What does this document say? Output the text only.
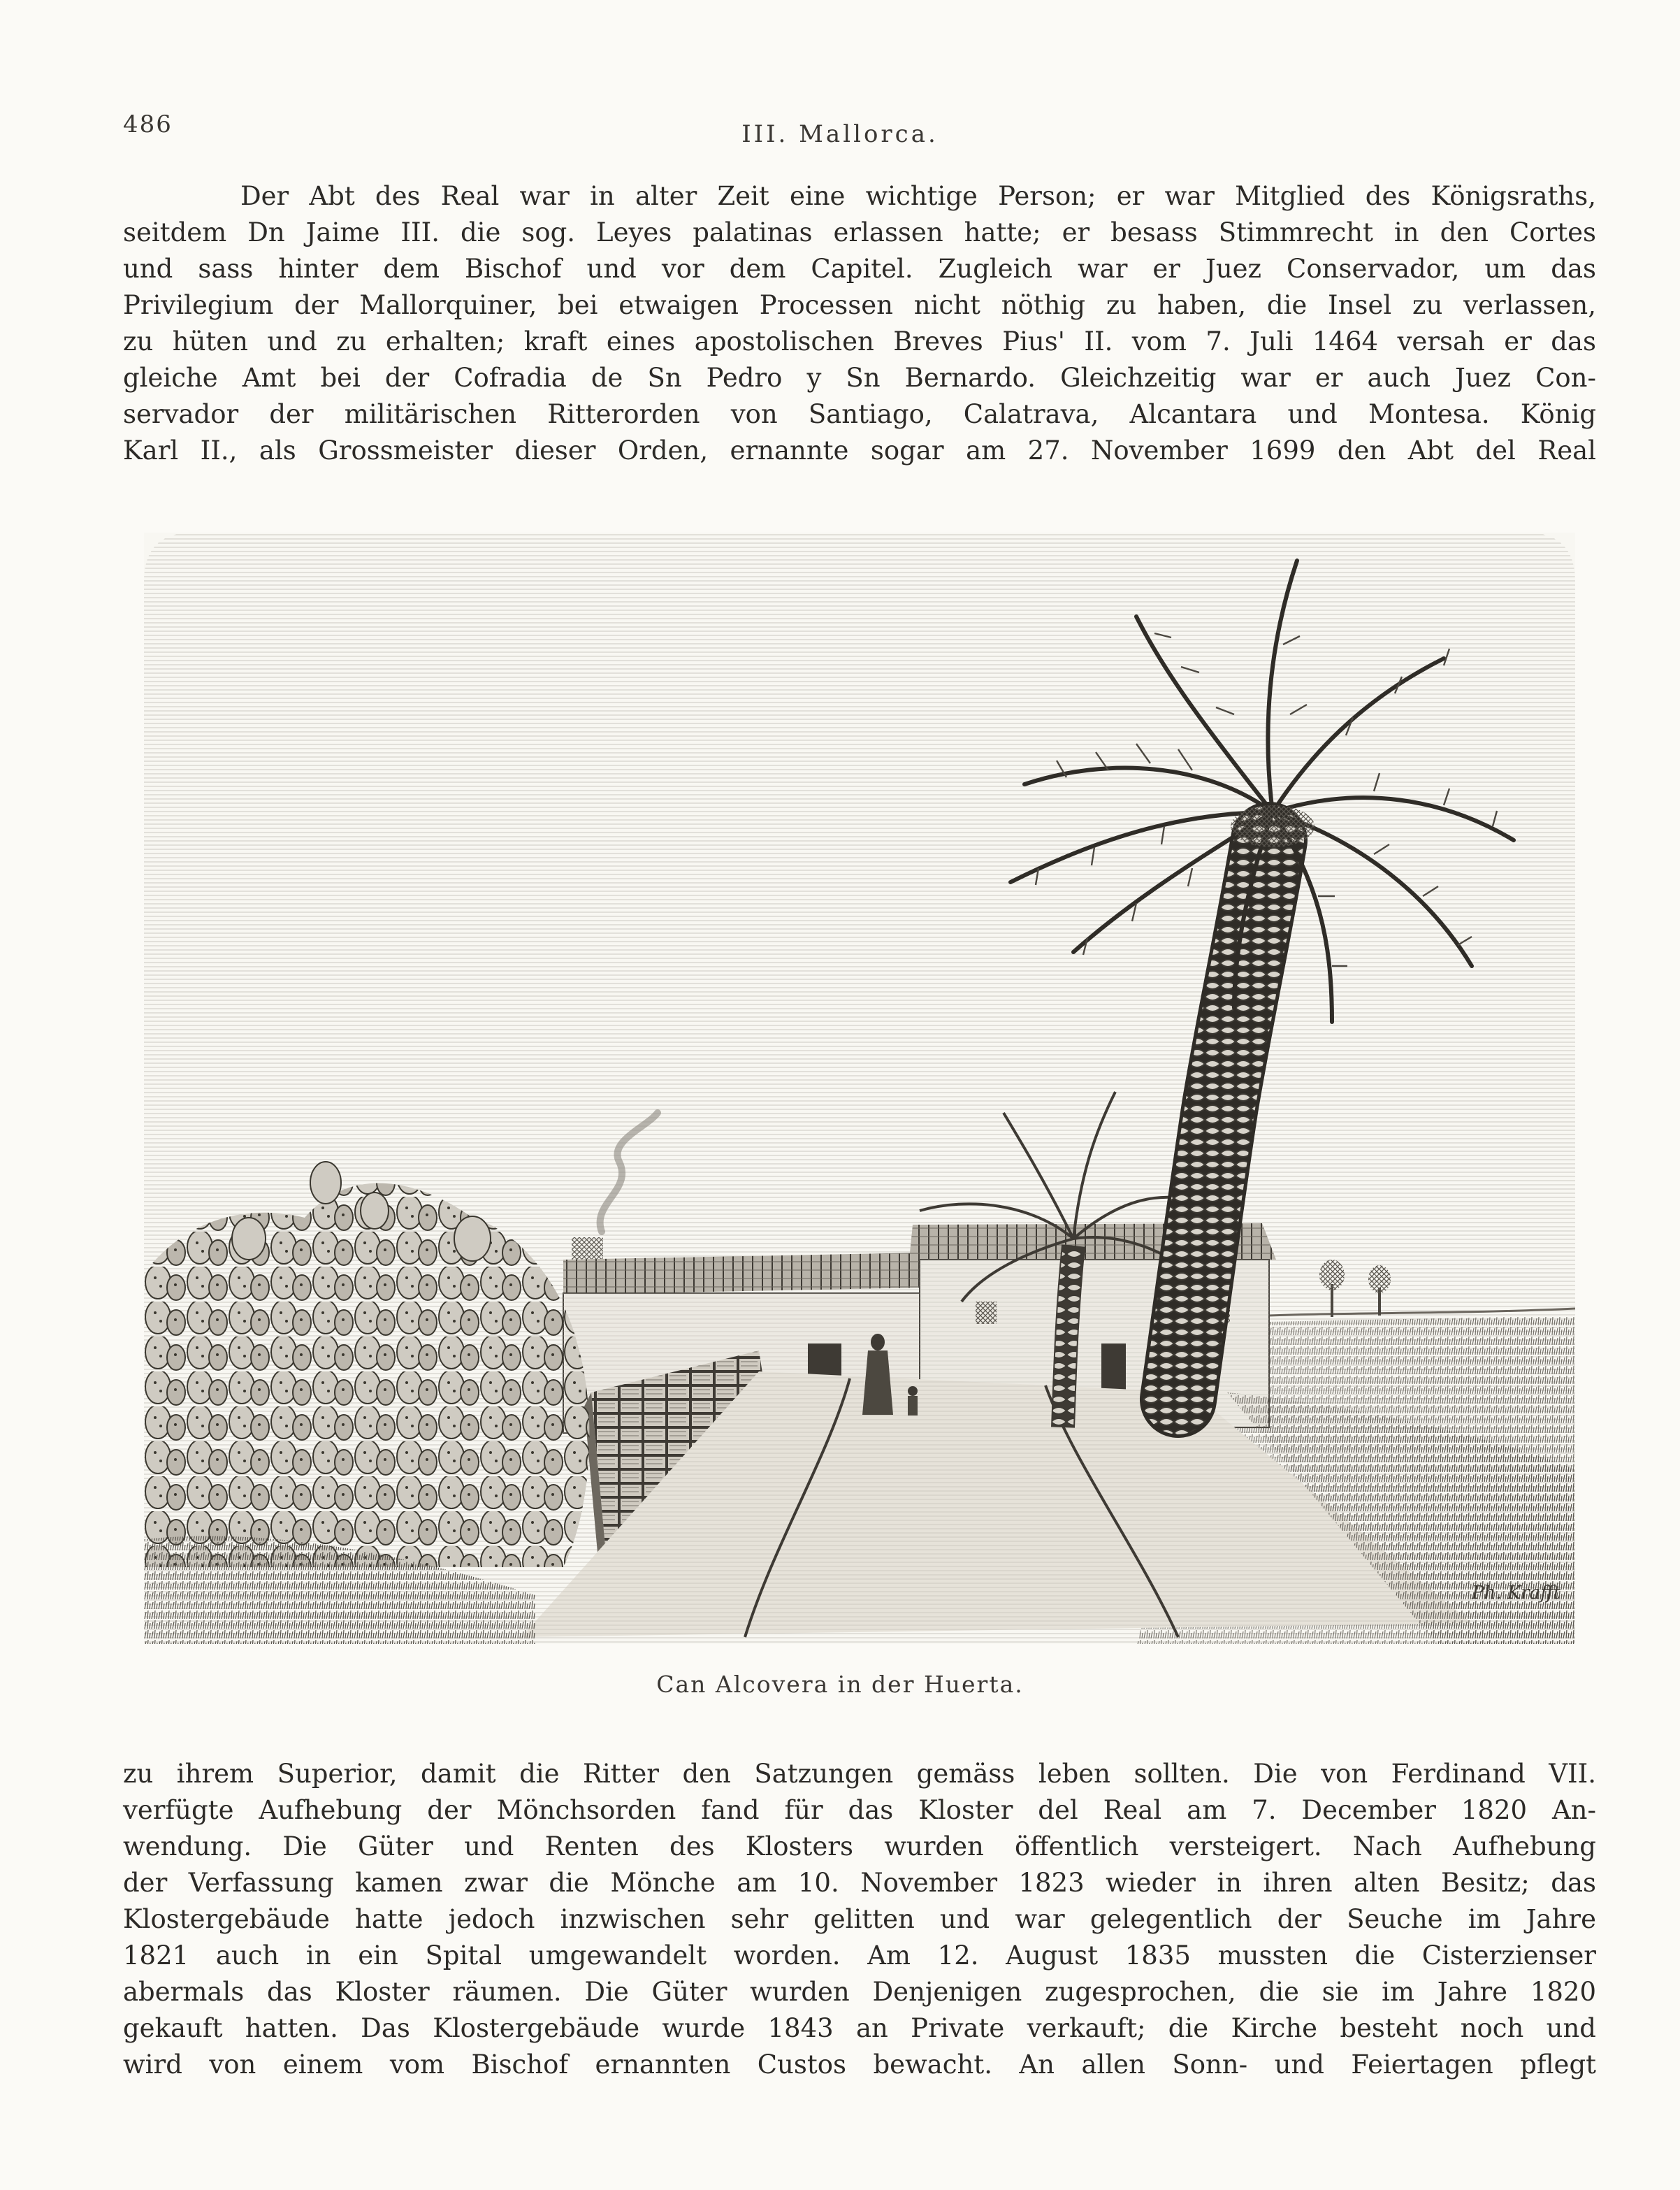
486	III. Mallorca.

Der Abt des Real war in alter Zeit eine wichtige Person; er war Mitglied des Königsraths,
seitdem Dn Jaime III. die sog. Leyes palatinas erlassen hatte; er besass Stimmrecht in den Cortes
und sass hinter dem Bischof und vor dem Capitel. Zugleich war er Juez Conservador, um das
Privilegium der Mallorquiner, bei etwaigen Processen nicht nöthig zu haben, die Insel zu verlassen,
zu hüten und zu erhalten; kraft eines apostolischen Breves Pius' II. vom 7. Juli 1464 versah er das
gleiche Amt bei der Cofradia de Sn Pedro y Sn Bernardo. Gleichzeitig war er auch Juez Con-
servador der militärischen Ritterorden von Santiago, Calatrava, Alcantara und Montesa. König
Karl II., als Grossmeister dieser Orden, ernannte sogar am 27. November 1699 den Abt del Real

Ph. Krafft
Can Alcovera in der Huerta.

zu ihrem Superior, damit die Ritter den Satzungen gemäss leben sollten. Die von Ferdinand VII.
verfügte Aufhebung der Mönchsorden fand für das Kloster del Real am 7. December 1820 An-
wendung. Die Güter und Renten des Klosters wurden öffentlich versteigert. Nach Aufhebung
der Verfassung kamen zwar die Mönche am 10. November 1823 wieder in ihren alten Besitz; das
Klostergebäude hatte jedoch inzwischen sehr gelitten und war gelegentlich der Seuche im Jahre
1821 auch in ein Spital umgewandelt worden. Am 12. August 1835 mussten die Cisterzienser
abermals das Kloster räumen. Die Güter wurden Denjenigen zugesprochen, die sie im Jahre 1820
gekauft hatten. Das Klostergebäude wurde 1843 an Private verkauft; die Kirche besteht noch und
wird von einem vom Bischof ernannten Custos bewacht. An allen Sonn- und Feiertagen pflegt
